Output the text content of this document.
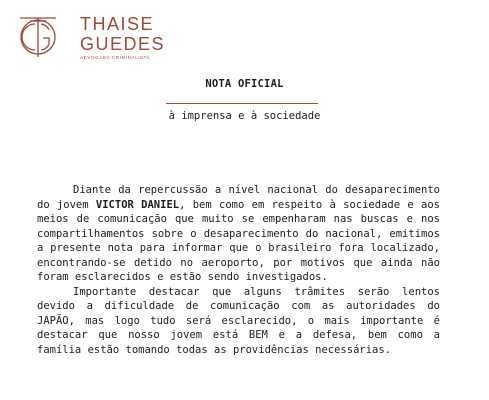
THAISE
GUEDES
ADVOGADA CRIMINALISTA
NOTA OFICIAL
à imprensa e à sociedade

Diante da repercussão a nível nacional do desaparecimento do jovem VICTOR DANIEL, bem como em respeito à sociedade e aos meios de comunicação que muito se empenharam nas buscas e nos compartilhamentos sobre o desaparecimento do nacional, emitimos a presente nota para informar que o brasileiro fora localizado, encontrando-se detido no aeroporto, por motivos que ainda não foram esclarecidos e estão sendo investigados.

Importante destacar que alguns trâmites serão lentos devido a dificuldade de comunicação com as autoridades do JAPÃO, mas logo tudo será esclarecido, o mais importante é destacar que nosso jovem está BEM e a defesa, bem como a família estão tomando todas as providências necessárias.
